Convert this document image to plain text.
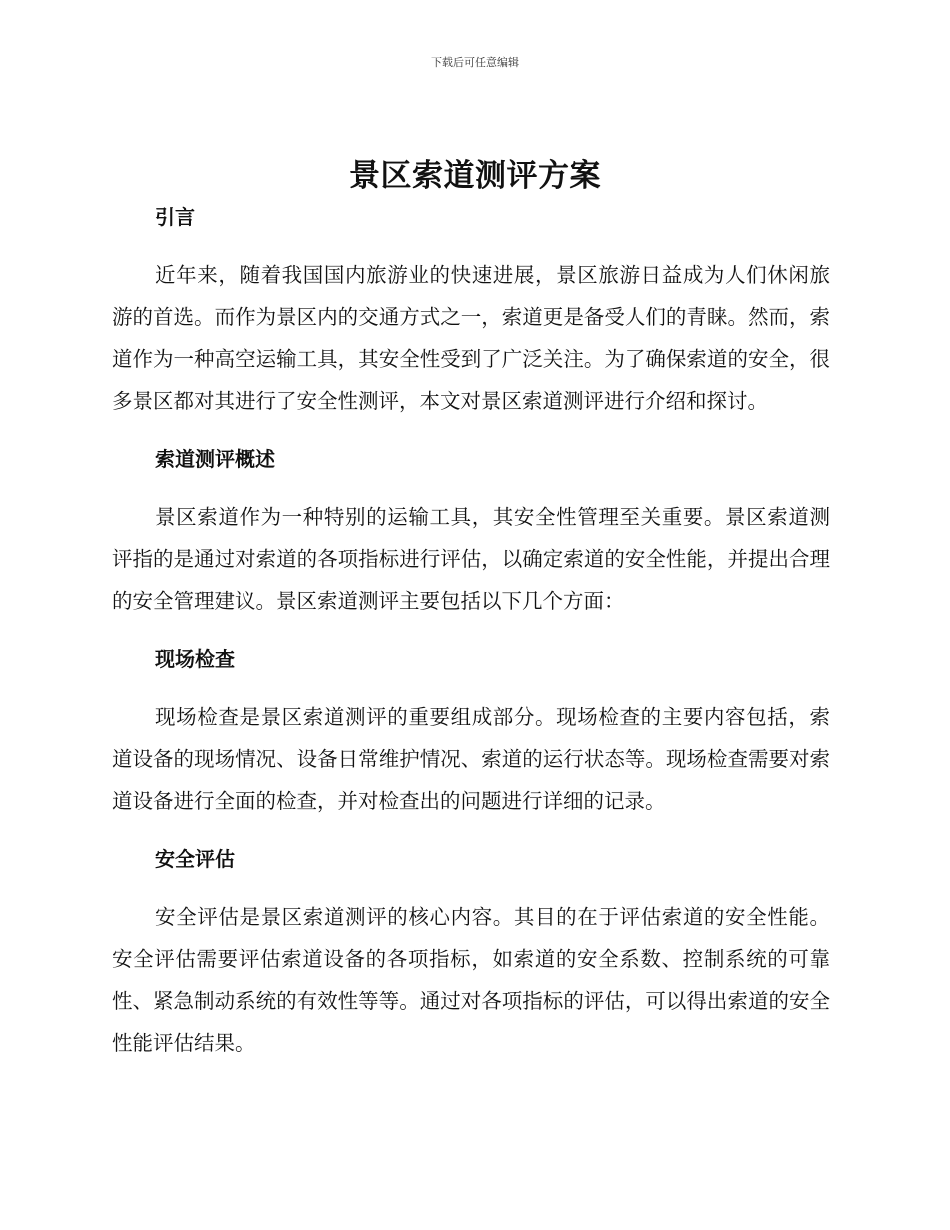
下载后可任意编辑
景区索道测评方案
引言

近年来，随着我国国内旅游业的快速进展，景区旅游日益成为人们休闲旅游的首选。而作为景区内的交通方式之一，索道更是备受人们的青睐。然而，索道作为一种高空运输工具，其安全性受到了广泛关注。为了确保索道的安全，很多景区都对其进行了安全性测评，本文对景区索道测评进行介绍和探讨。

索道测评概述

景区索道作为一种特别的运输工具，其安全性管理至关重要。景区索道测评指的是通过对索道的各项指标进行评估，以确定索道的安全性能，并提出合理的安全管理建议。景区索道测评主要包括以下几个方面：

现场检查

现场检查是景区索道测评的重要组成部分。现场检查的主要内容包括，索道设备的现场情况、设备日常维护情况、索道的运行状态等。现场检查需要对索道设备进行全面的检查，并对检查出的问题进行详细的记录。

安全评估

安全评估是景区索道测评的核心内容。其目的在于评估索道的安全性能。安全评估需要评估索道设备的各项指标，如索道的安全系数、控制系统的可靠性、紧急制动系统的有效性等等。通过对各项指标的评估，可以得出索道的安全性能评估结果。
